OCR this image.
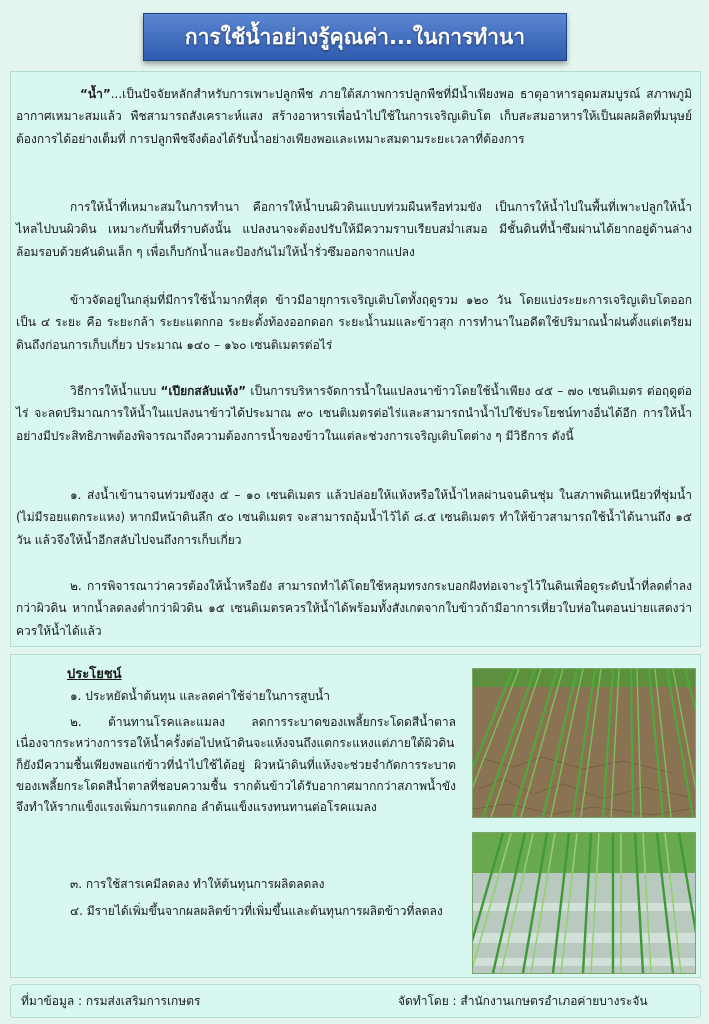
การใช้น้ำอย่างรู้คุณค่า...ในการทำนา

“น้ำ”...เป็นปัจจัยหลักสำหรับการเพาะปลูกพืช ภายใต้สภาพการปลูกพืชที่มีน้ำเพียงพอ ธาตุอาหารอุดมสมบูรณ์ สภาพภูมิอากาศเหมาะสมแล้ว พืชสามารถสังเคราะห์แสง สร้างอาหารเพื่อนำไปใช้ในการเจริญเติบโต เก็บสะสมอาหารให้เป็นผลผลิตที่มนุษย์ต้องการได้อย่างเต็มที่ การปลูกพืชจึงต้องได้รับน้ำอย่างเพียงพอและเหมาะสมตามระยะเวลาที่ต้องการ

การให้น้ำที่เหมาะสมในการทำนา คือการให้น้ำบนผิวดินแบบท่วมผืนหรือท่วมขัง เป็นการให้น้ำไปในพื้นที่เพาะปลูกให้น้ำไหลไปบนผิวดิน เหมาะกับพื้นที่ราบดังนั้น แปลงนาจะต้องปรับให้มีความราบเรียบสม่ำเสมอ มีชั้นดินที่น้ำซึมผ่านได้ยากอยู่ด้านล่าง ล้อมรอบด้วยคันดินเล็ก ๆ เพื่อเก็บกักน้ำและป้องกันไม่ให้น้ำรั่วซึมออกจากแปลง

ข้าวจัดอยู่ในกลุ่มที่มีการใช้น้ำมากที่สุด ข้าวมีอายุการเจริญเติบโตทั้งฤดูรวม ๑๒๐ วัน โดยแบ่งระยะการเจริญเติบโตออกเป็น ๔ ระยะ คือ ระยะกล้า ระยะแตกกอ ระยะตั้งท้องออกดอก ระยะน้ำนมและข้าวสุก การทำนาในอดีตใช้ปริมาณน้ำฝนตั้งแต่เตรียมดินถึงก่อนการเก็บเกี่ยว ประมาณ ๑๔๐ – ๑๖๐ เซนติเมตรต่อไร่

วิธีการให้น้ำแบบ “เปียกสลับแห้ง” เป็นการบริหารจัดการน้ำในแปลงนาข้าวโดยใช้น้ำเพียง ๔๕ – ๗๐ เซนติเมตร ต่อฤดูต่อไร่ จะลดปริมาณการให้น้ำในแปลงนาข้าวได้ประมาณ ๙๐ เซนติเมตรต่อไร่และสามารถนำน้ำไปใช้ประโยชน์ทางอื่นได้อีก การให้น้ำอย่างมีประสิทธิภาพต้องพิจารณาถึงความต้องการน้ำของข้าวในแต่ละช่วงการเจริญเติบโตต่าง ๆ มีวิธีการ ดังนี้

๑. ส่งน้ำเข้านาจนท่วมขังสูง ๕ – ๑๐ เซนติเมตร แล้วปล่อยให้แห้งหรือให้น้ำไหลผ่านจนดินชุ่ม ในสภาพดินเหนียวที่ชุ่มน้ำ (ไม่มีรอยแตกระแหง) หากมีหน้าดินลึก ๕๐ เซนติเมตร จะสามารถอุ้มน้ำไว้ได้ ๘.๕ เซนติเมตร ทำให้ข้าวสามารถใช้น้ำได้นานถึง ๑๕ วัน แล้วจึงให้น้ำอีกสลับไปจนถึงการเก็บเกี่ยว

๒. การพิจารณาว่าควรต้องให้น้ำหรือยัง สามารถทำได้โดยใช้หลุมทรงกระบอกฝังท่อเจาะรูไว้ในดินเพื่อดูระดับน้ำที่ลดต่ำลงกว่าผิวดิน หากน้ำลดลงต่ำกว่าผิวดิน ๑๕ เซนติเมตรควรให้น้ำได้พร้อมทั้งสังเกตจากใบข้าวถ้ามีอาการเหี่ยวใบห่อในตอนบ่ายแสดงว่าควรให้น้ำได้แล้ว

ประโยชน์

๑. ประหยัดน้ำต้นทุน และลดค่าใช้จ่ายในการสูบน้ำ

๒. ต้านทานโรคและแมลง ลดการระบาดของเพลี้ยกระโดดสีน้ำตาล เนื่องจากระหว่างการรอให้น้ำครั้งต่อไปหน้าดินจะแห้งจนถึงแตกระแหงแต่ภายใต้ผิวดินก็ยังมีความชื้นเพียงพอแก่ข้าวที่นำไปใช้ได้อยู่ ผิวหน้าดินที่แห้งจะช่วยจำกัดการระบาดของเพลี้ยกระโดดสีน้ำตาลที่ชอบความชื้น รากต้นข้าวได้รับอากาศมากกว่าสภาพน้ำขัง จึงทำให้รากแข็งแรงเพิ่มการแตกกอ ลำต้นแข็งแรงทนทานต่อโรคแมลง

๓. การใช้สารเคมีลดลง ทำให้ต้นทุนการผลิตลดลง

๔. มีรายได้เพิ่มขึ้นจากผลผลิตข้าวที่เพิ่มขึ้นและต้นทุนการผลิตข้าวที่ลดลง

ที่มาข้อมูล : กรมส่งเสริมการเกษตร	จัดทำโดย : สำนักงานเกษตรอำเภอค่ายบางระจัน
